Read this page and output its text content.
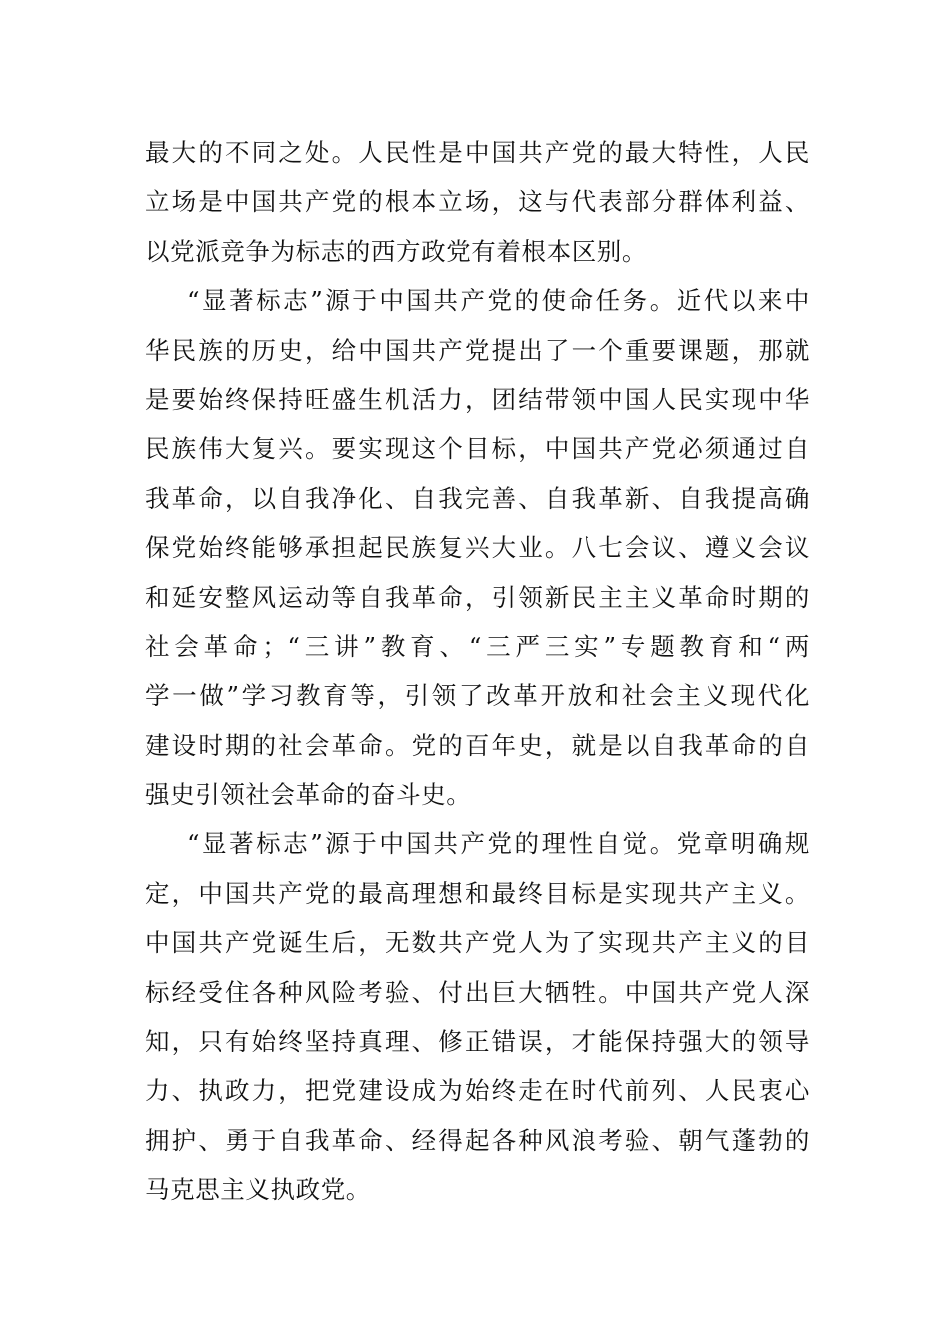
最大的不同之处。人民性是中国共产党的最大特性，人民
立场是中国共产党的根本立场，这与代表部分群体利益、
以党派竞争为标志的西方政党有着根本区别。
“显著标志”源于中国共产党的使命任务。近代以来中
华民族的历史，给中国共产党提出了一个重要课题，那就
是要始终保持旺盛生机活力，团结带领中国人民实现中华
民族伟大复兴。要实现这个目标，中国共产党必须通过自
我革命，以自我净化、自我完善、自我革新、自我提高确
保党始终能够承担起民族复兴大业。八七会议、遵义会议
和延安整风运动等自我革命，引领新民主主义革命时期的
社会革命；“三讲”教育、“三严三实”专题教育和“两
学一做”学习教育等，引领了改革开放和社会主义现代化
建设时期的社会革命。党的百年史，就是以自我革命的自
强史引领社会革命的奋斗史。
“显著标志”源于中国共产党的理性自觉。党章明确规
定，中国共产党的最高理想和最终目标是实现共产主义。
中国共产党诞生后，无数共产党人为了实现共产主义的目
标经受住各种风险考验、付出巨大牺牲。中国共产党人深
知，只有始终坚持真理、修正错误，才能保持强大的领导
力、执政力，把党建设成为始终走在时代前列、人民衷心
拥护、勇于自我革命、经得起各种风浪考验、朝气蓬勃的
马克思主义执政党。
